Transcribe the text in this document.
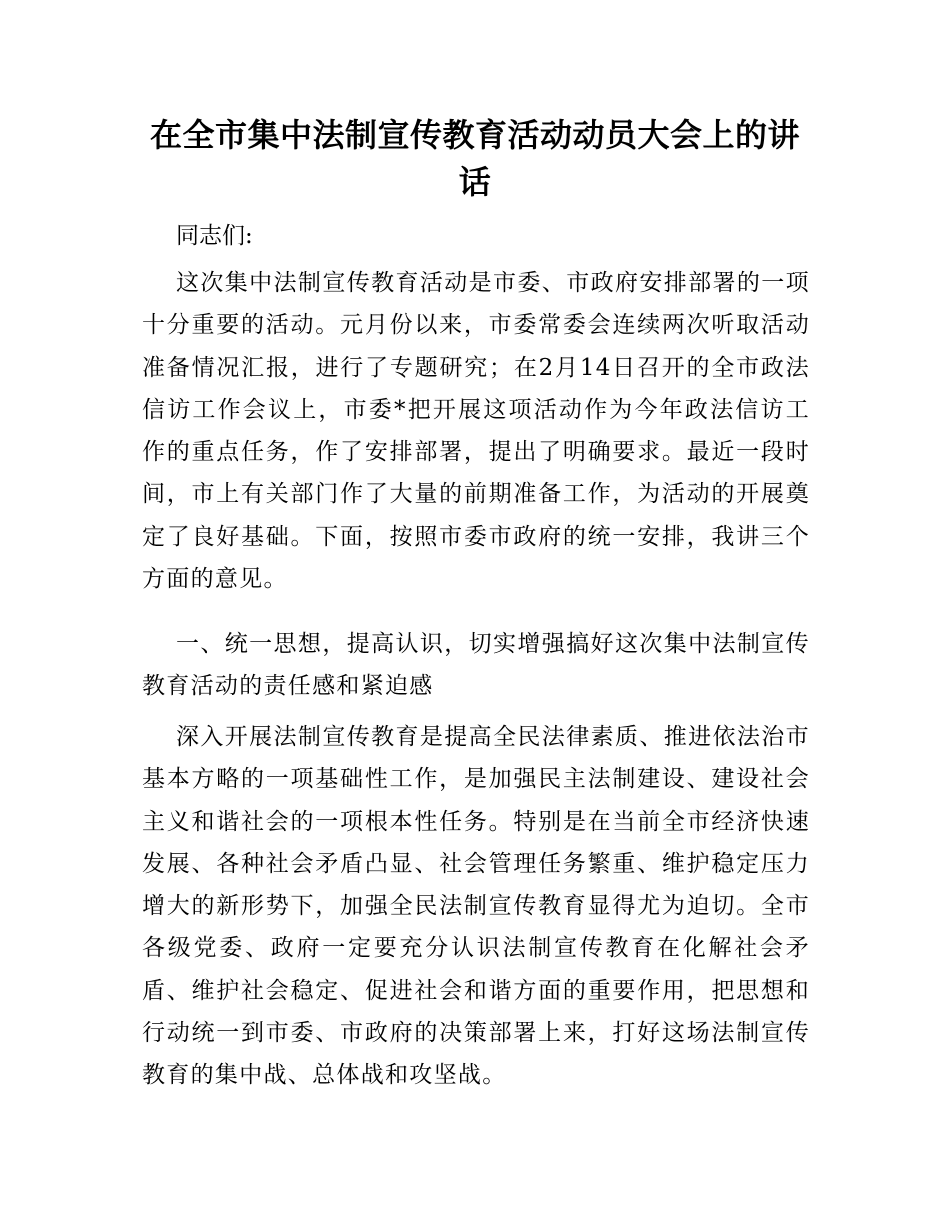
在全市集中法制宣传教育活动动员大会上的讲话

同志们:

这次集中法制宣传教育活动是市委、市政府安排部署的一项十分重要的活动。元月份以来，市委常委会连续两次听取活动准备情况汇报，进行了专题研究；在2月14日召开的全市政法信访工作会议上，市委*把开展这项活动作为今年政法信访工作的重点任务，作了安排部署，提出了明确要求。最近一段时间，市上有关部门作了大量的前期准备工作，为活动的开展奠定了良好基础。下面，按照市委市政府的统一安排，我讲三个方面的意见。

一、统一思想，提高认识，切实增强搞好这次集中法制宣传教育活动的责任感和紧迫感

深入开展法制宣传教育是提高全民法律素质、推进依法治市基本方略的一项基础性工作，是加强民主法制建设、建设社会主义和谐社会的一项根本性任务。特别是在当前全市经济快速发展、各种社会矛盾凸显、社会管理任务繁重、维护稳定压力增大的新形势下，加强全民法制宣传教育显得尤为迫切。全市各级党委、政府一定要充分认识法制宣传教育在化解社会矛盾、维护社会稳定、促进社会和谐方面的重要作用，把思想和行动统一到市委、市政府的决策部署上来，打好这场法制宣传教育的集中战、总体战和攻坚战。
